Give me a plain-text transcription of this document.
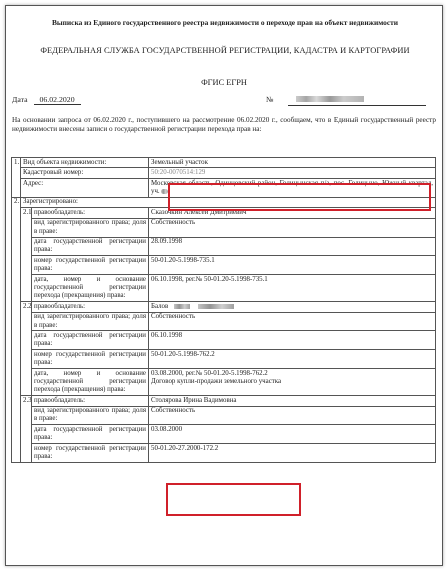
Выписка из Единого государственного реестра недвижимости о переходе прав на объект недвижимости
ФЕДЕРАЛЬНАЯ СЛУЖБА ГОСУДАРСТВЕННОЙ РЕГИСТРАЦИИ, КАДАСТРА И КАРТОГРАФИИ
ФГИС ЕГРН
Дата 06.02.2020	№
На основании запроса от 06.02.2020 г., поступившего на рассмотрение 06.02.2020 г., сообщаем, что в Единый государственный реестр недвижимости внесены записи о государственной регистрации перехода прав на:
1.	Вид объекта недвижимости:		Земельный участок
	Кадастровый номер:		50:20-0070514:129
	Адрес:		Московская область, Одинцовский район, Голицынская п/а, пос. Голицыно, Южный квартал, уч.
2.	Зарегистрировано:		
	2.1	правообладатель:	Сказочкин Алексей Дмитриевич
		вид зарегистрированного права; доля в праве:	Собственность
		дата государственной регистрации права:	28.09.1998
		номер государственной регистрации права:	50-01.20-5.1998-735.1
		дата, номер и основание государственной регистрации перехода (прекращения) права:	06.10.1998, рег.№ 50-01.20-5.1998-735.1
	2.2	правообладатель:	Балов
		вид зарегистрированного права; доля в праве:	Собственность
		дата государственной регистрации права:	06.10.1998
		номер государственной регистрации права:	50-01.20-5.1998-762.2
		дата, номер и основание государственной регистрации перехода (прекращения) права:	03.08.2000, рег.№ 50-01.20-5.1998-762.2
Договор купли-продажи земельного участка

	2.3	правообладатель:	Столярова Ирина Вадимовна
		вид зарегистрированного права; доля в праве:	Собственность
		дата государственной регистрации права:	03.08.2000
		номер государственной регистрации права:	50-01.20-27.2000-172.2
